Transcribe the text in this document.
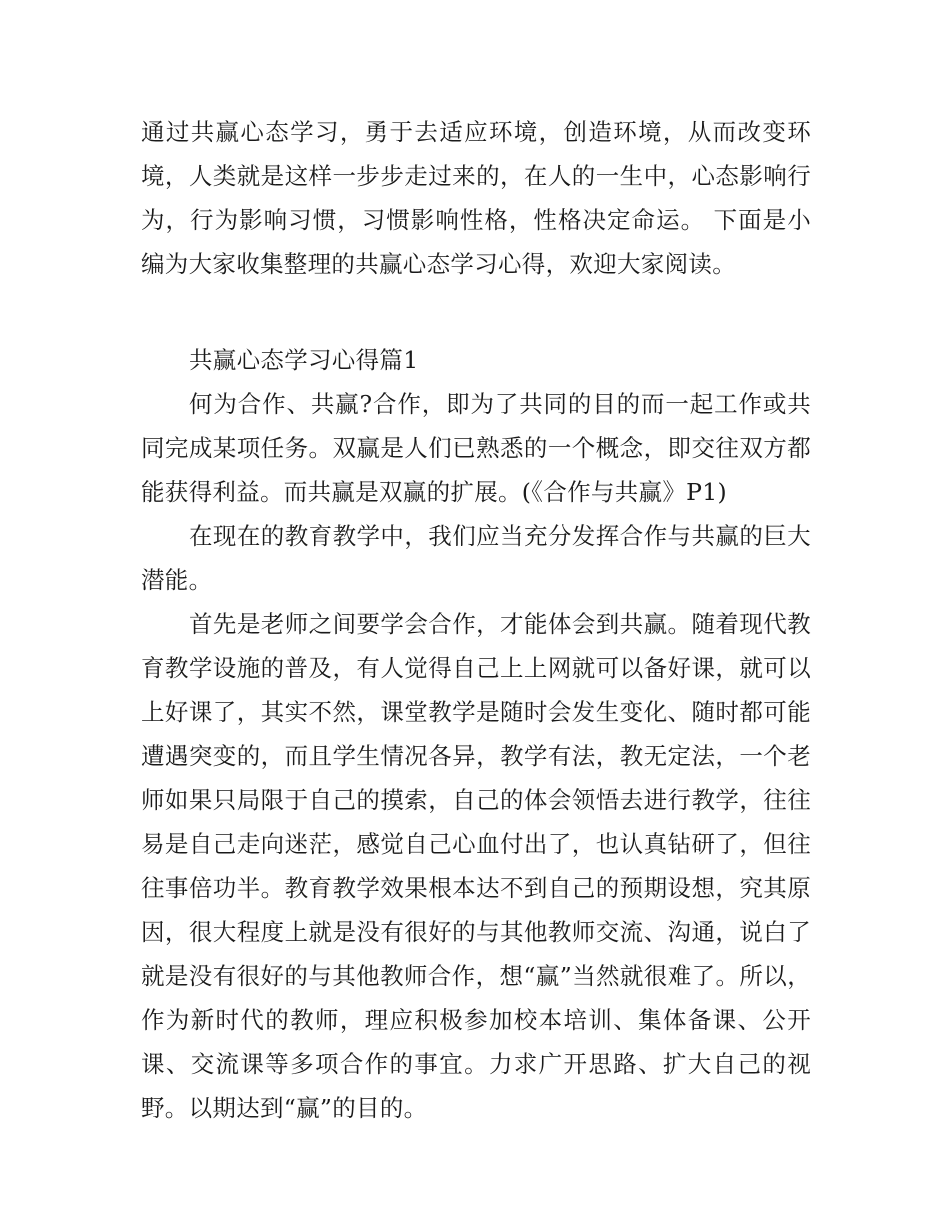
通过共赢心态学习，勇于去适应环境，创造环境，从而改变环境，人类就是这样一步步走过来的，在人的一生中，心态影响行为，行为影响习惯，习惯影响性格，性格决定命运。 下面是小编为大家收集整理的共赢心态学习心得，欢迎大家阅读。

共赢心态学习心得篇1

何为合作、共赢?合作，即为了共同的目的而一起工作或共同完成某项任务。双赢是人们已熟悉的一个概念，即交往双方都能获得利益。而共赢是双赢的扩展。(《合作与共赢》P1)

在现在的教育教学中，我们应当充分发挥合作与共赢的巨大潜能。

首先是老师之间要学会合作，才能体会到共赢。随着现代教育教学设施的普及，有人觉得自己上上网就可以备好课，就可以上好课了，其实不然，课堂教学是随时会发生变化、随时都可能遭遇突变的，而且学生情况各异，教学有法，教无定法，一个老师如果只局限于自己的摸索，自己的体会领悟去进行教学，往往易是自己走向迷茫，感觉自己心血付出了，也认真钻研了，但往往事倍功半。教育教学效果根本达不到自己的预期设想，究其原因，很大程度上就是没有很好的与其他教师交流、沟通，说白了就是没有很好的与其他教师合作，想“赢”当然就很难了。所以，作为新时代的教师，理应积极参加校本培训、集体备课、公开课、交流课等多项合作的事宜。力求广开思路、扩大自己的视野。以期达到“赢”的目的。
